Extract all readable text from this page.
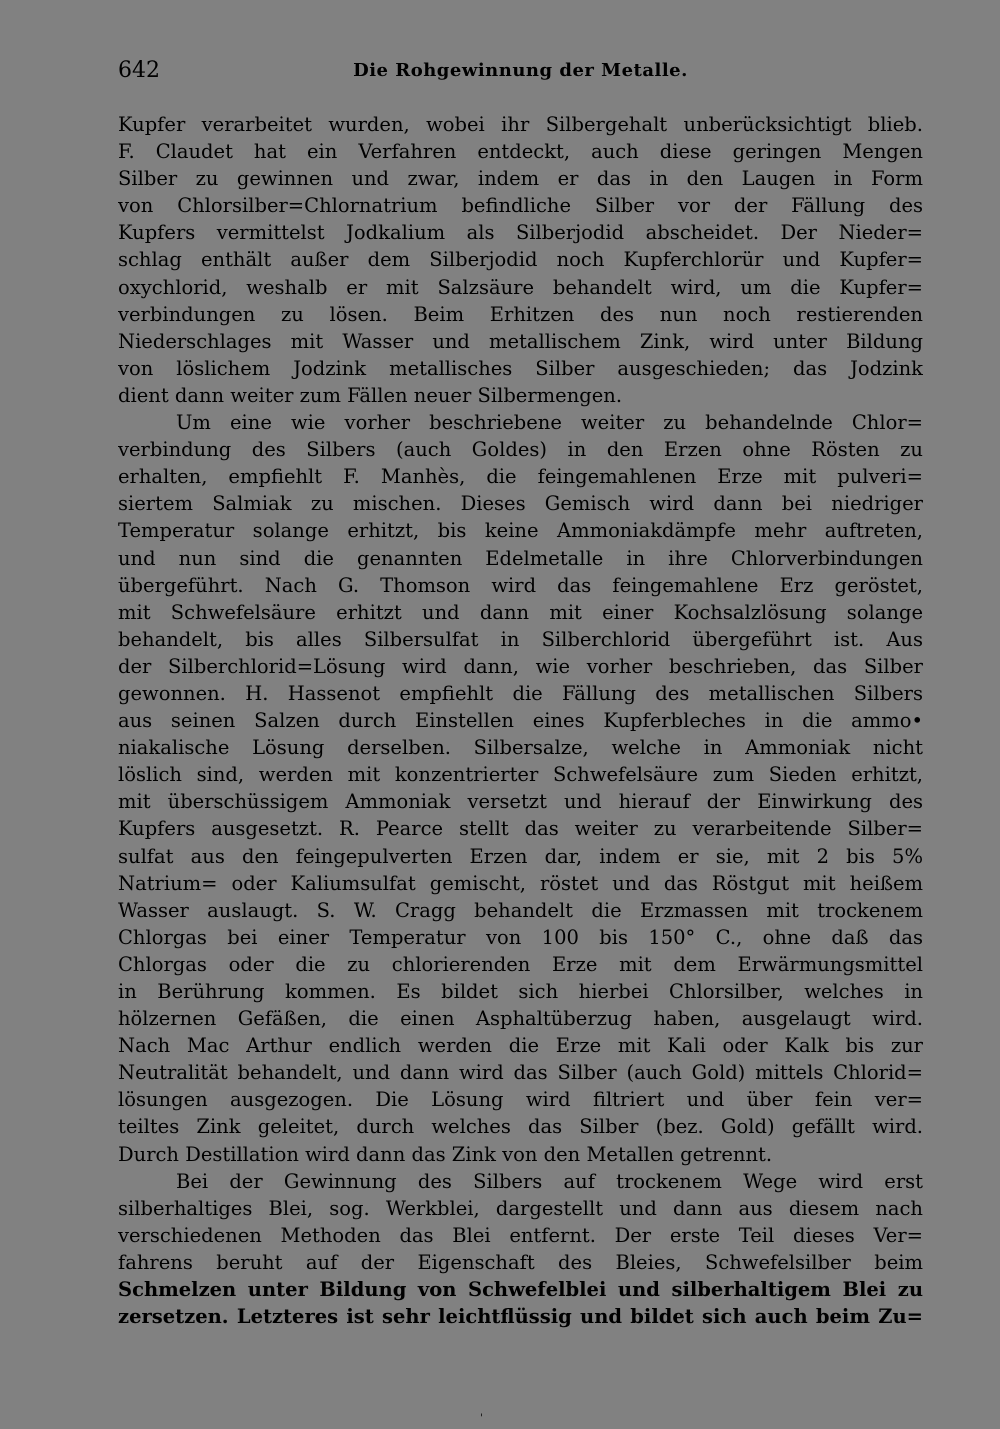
642	Die Rohgewinnung der Metalle.
Kupfer verarbeitet wurden, wobei ihr Silbergehalt unberücksichtigt blieb.
F. Claudet hat ein Verfahren entdeckt, auch diese geringen Mengen
Silber zu gewinnen und zwar, indem er das in den Laugen in Form
von Chlorsilber=Chlornatrium befindliche Silber vor der Fällung des
Kupfers vermittelst Jodkalium als Silberjodid abscheidet. Der Nieder=
schlag enthält außer dem Silberjodid noch Kupferchlorür und Kupfer=
oxychlorid, weshalb er mit Salzsäure behandelt wird, um die Kupfer=
verbindungen zu lösen. Beim Erhitzen des nun noch restierenden
Niederschlages mit Wasser und metallischem Zink, wird unter Bildung
von löslichem Jodzink metallisches Silber ausgeschieden; das Jodzink
dient dann weiter zum Fällen neuer Silbermengen.
Um eine wie vorher beschriebene weiter zu behandelnde Chlor=
verbindung des Silbers (auch Goldes) in den Erzen ohne Rösten zu
erhalten, empfiehlt F. Manhès, die feingemahlenen Erze mit pulveri=
siertem Salmiak zu mischen. Dieses Gemisch wird dann bei niedriger
Temperatur solange erhitzt, bis keine Ammoniakdämpfe mehr auftreten,
und nun sind die genannten Edelmetalle in ihre Chlorverbindungen
übergeführt. Nach G. Thomson wird das feingemahlene Erz geröstet,
mit Schwefelsäure erhitzt und dann mit einer Kochsalzlösung solange
behandelt, bis alles Silbersulfat in Silberchlorid übergeführt ist. Aus
der Silberchlorid=Lösung wird dann, wie vorher beschrieben, das Silber
gewonnen. H. Hassenot empfiehlt die Fällung des metallischen Silbers
aus seinen Salzen durch Einstellen eines Kupferbleches in die ammo•
niakalische Lösung derselben. Silbersalze, welche in Ammoniak nicht
löslich sind, werden mit konzentrierter Schwefelsäure zum Sieden erhitzt,
mit überschüssigem Ammoniak versetzt und hierauf der Einwirkung des
Kupfers ausgesetzt. R. Pearce stellt das weiter zu verarbeitende Silber=
sulfat aus den feingepulverten Erzen dar, indem er sie, mit 2 bis 5%
Natrium= oder Kaliumsulfat gemischt, röstet und das Röstgut mit heißem
Wasser auslaugt. S. W. Cragg behandelt die Erzmassen mit trockenem
Chlorgas bei einer Temperatur von 100 bis 150° C., ohne daß das
Chlorgas oder die zu chlorierenden Erze mit dem Erwärmungsmittel
in Berührung kommen. Es bildet sich hierbei Chlorsilber, welches in
hölzernen Gefäßen, die einen Asphaltüberzug haben, ausgelaugt wird.
Nach Mac Arthur endlich werden die Erze mit Kali oder Kalk bis zur
Neutralität behandelt, und dann wird das Silber (auch Gold) mittels Chlorid=
lösungen ausgezogen. Die Lösung wird filtriert und über fein ver=
teiltes Zink geleitet, durch welches das Silber (bez. Gold) gefällt wird.
Durch Destillation wird dann das Zink von den Metallen getrennt.
Bei der Gewinnung des Silbers auf trockenem Wege wird erst
silberhaltiges Blei, sog. Werkblei, dargestellt und dann aus diesem nach
verschiedenen Methoden das Blei entfernt. Der erste Teil dieses Ver=
fahrens beruht auf der Eigenschaft des Bleies, Schwefelsilber beim
Schmelzen unter Bildung von Schwefelblei und silberhaltigem Blei zu
zersetzen. Letzteres ist sehr leichtflüssig und bildet sich auch beim Zu=
'
